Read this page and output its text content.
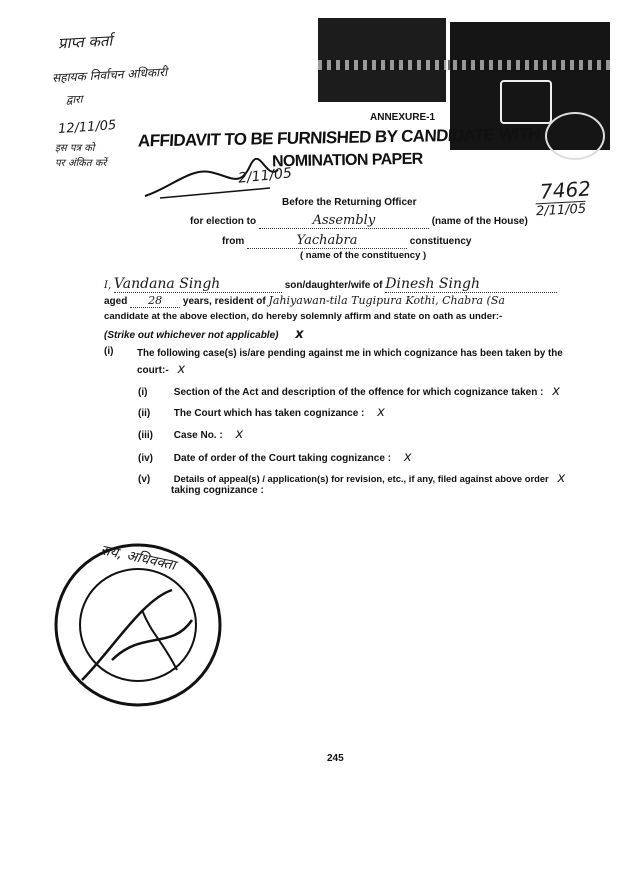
प्राप्त कर्ता
सहायक निर्वाचन अधिकारी
द्वारा
12/11/05
इस पत्र को
पर अंकित करें
7462
2/11/05
ANNEXURE-1
AFFIDAVIT TO BE FURNISHED BY CANDIDATE WITH
NOMINATION PAPER
2/11/05
Before the Returning Officer
for election to	Assembly	(name of the House)
from	Yachabra	constituency
( name of the constituency )
I, Vandana Singh	son/daughter/wife of Dinesh Singh
aged 28 years, resident of Jahiyawan-tila Tugipura Kothi, Chabra (Sa
candidate at the above election, do hereby solemnly affirm and state on oath as under:-
(Strike out whichever not applicable) x
(i) The following case(s) is/are pending against me in which cognizance has been taken by the
court:- x
(i)	Section of the Act and description of the offence for which cognizance taken : x
(ii) The Court which has taken cognizance : x
(iii) Case No. : x
(iv) Date of order of the Court taking cognizance : x
(v)	Details of appeal(s) / application(s) for revision, etc., if any, filed against above order x
taking cognizance :
राय, अधिवक्ता
245
